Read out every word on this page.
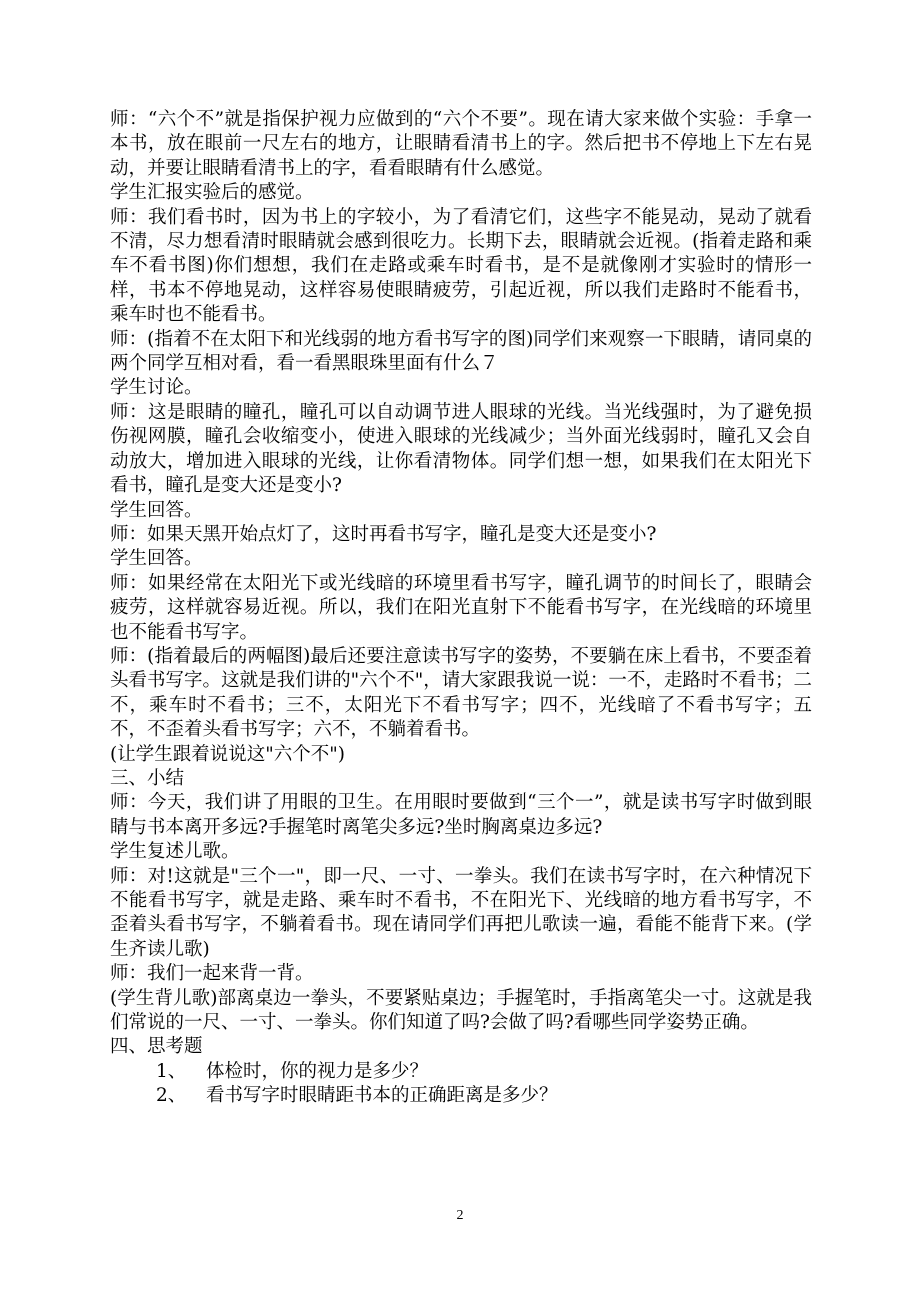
师：“六个不”就是指保护视力应做到的“六个不要”。现在请大家来做个实验：手拿一本书，放在眼前一尺左右的地方，让眼睛看清书上的字。然后把书不停地上下左右晃动，并要让眼睛看清书上的字，看看眼睛有什么感觉。

学生汇报实验后的感觉。

师：我们看书时，因为书上的字较小，为了看清它们，这些字不能晃动，晃动了就看不清，尽力想看清时眼睛就会感到很吃力。长期下去，眼睛就会近视。(指着走路和乘车不看书图)你们想想，我们在走路或乘车时看书，是不是就像刚才实验时的情形一样，书本不停地晃动，这样容易使眼睛疲劳，引起近视，所以我们走路时不能看书，乘车时也不能看书。

师：(指着不在太阳下和光线弱的地方看书写字的图)同学们来观察一下眼睛，请同桌的两个同学互相对看，看一看黑眼珠里面有什么７

学生讨论。

师：这是眼睛的瞳孔，瞳孔可以自动调节进人眼球的光线。当光线强时，为了避免损伤视网膜，瞳孔会收缩变小，使进入眼球的光线减少；当外面光线弱时，瞳孔又会自动放大，增加进入眼球的光线，让你看清物体。同学们想一想，如果我们在太阳光下看书，瞳孔是变大还是变小?

学生回答。

师：如果天黑开始点灯了，这时再看书写字，瞳孔是变大还是变小?

学生回答。

师：如果经常在太阳光下或光线暗的环境里看书写字，瞳孔调节的时间长了，眼睛会疲劳，这样就容易近视。所以，我们在阳光直射下不能看书写字，在光线暗的环境里也不能看书写字。

师：(指着最后的两幅图)最后还要注意读书写字的姿势，不要躺在床上看书，不要歪着头看书写字。这就是我们讲的"六个不"，请大家跟我说一说：一不，走路时不看书；二不，乘车时不看书；三不，太阳光下不看书写字；四不，光线暗了不看书写字；五不，不歪着头看书写字；六不，不躺着看书。

(让学生跟着说说这"六个不")

三、小结

师：今天，我们讲了用眼的卫生。在用眼时要做到“三个一”，就是读书写字时做到眼睛与书本离开多远?手握笔时离笔尖多远?坐时胸离桌边多远?

学生复述儿歌。

师：对!这就是"三个一"，即一尺、一寸、一拳头。我们在读书写字时，在六种情况下不能看书写字，就是走路、乘车时不看书，不在阳光下、光线暗的地方看书写字，不歪着头看书写字，不躺着看书。现在请同学们再把儿歌读一遍，看能不能背下来。(学生齐读儿歌)

师：我们一起来背一背。

(学生背儿歌)部离桌边一拳头，不要紧贴桌边；手握笔时，手指离笔尖一寸。这就是我们常说的一尺、一寸、一拳头。你们知道了吗?会做了吗?看哪些同学姿势正确。

四、思考题

1、 体检时，你的视力是多少？

2、 看书写字时眼睛距书本的正确距离是多少？

2
